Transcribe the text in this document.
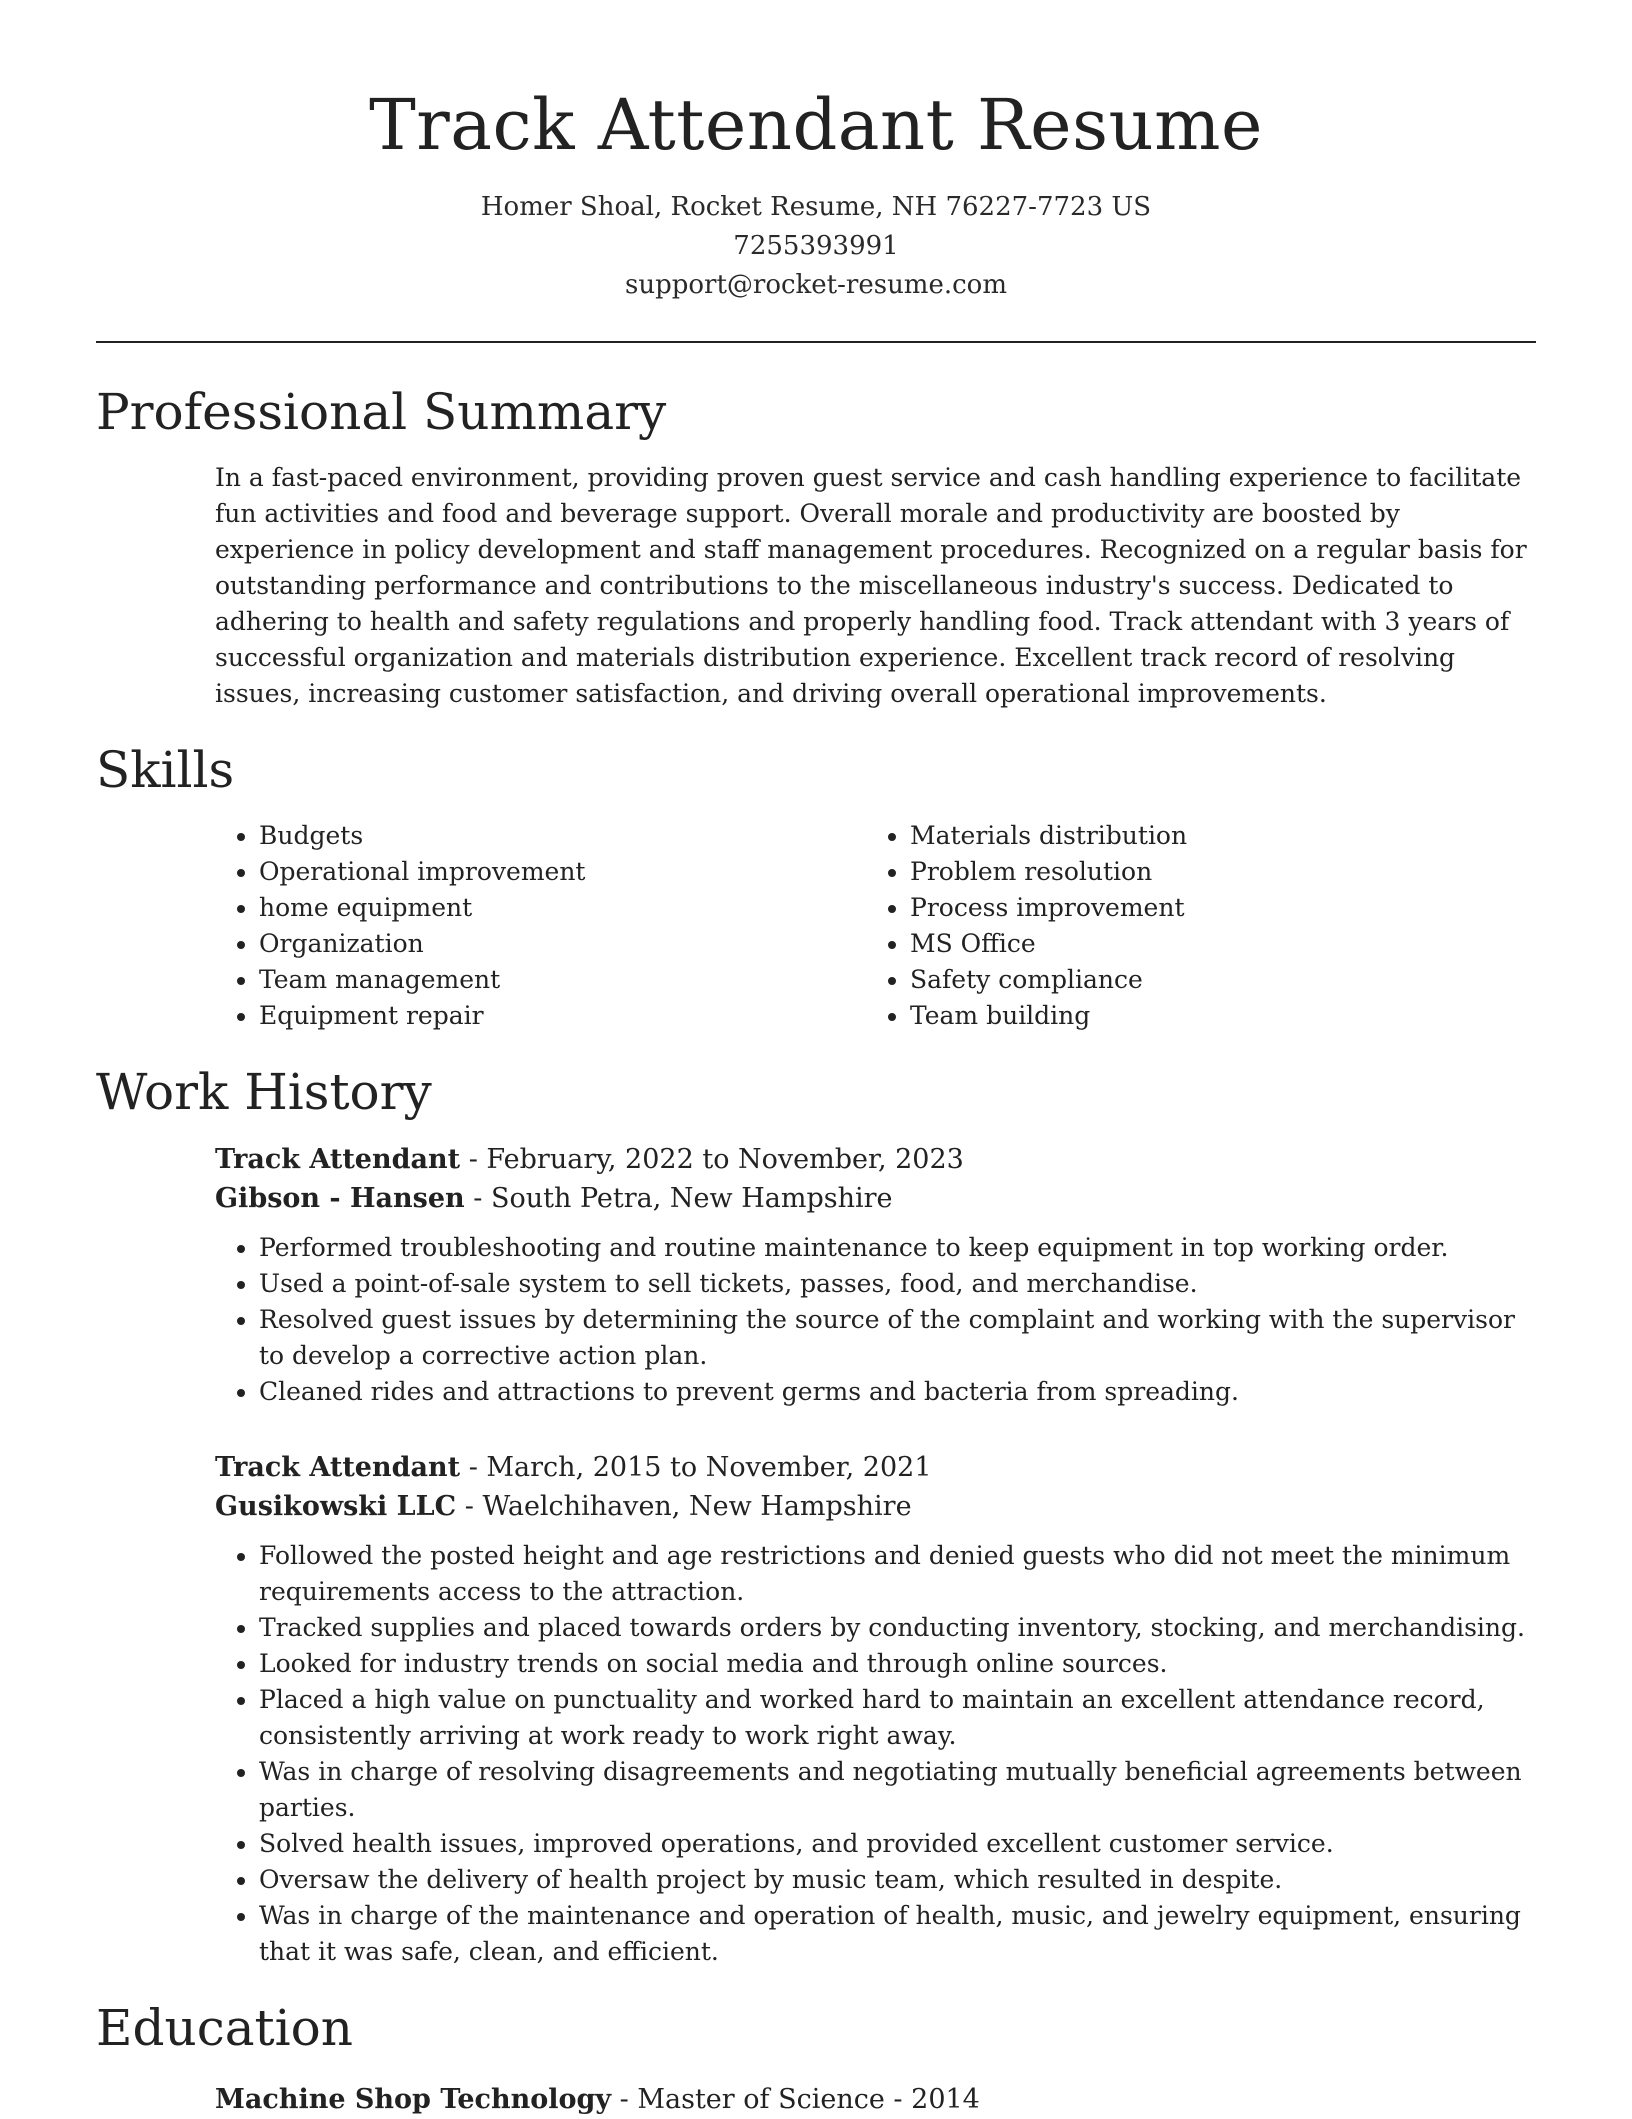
Track Attendant Resume
Homer Shoal, Rocket Resume, NH 76227-7723 US
7255393991
support@rocket-resume.com
Professional Summary

In a fast-paced environment, providing proven guest service and cash handling experience to facilitate fun activities and food and beverage support. Overall morale and productivity are boosted by experience in policy development and staff management procedures. Recognized on a regular basis for outstanding performance and contributions to the miscellaneous industry's success. Dedicated to adhering to health and safety regulations and properly handling food. Track attendant with 3 years of successful organization and materials distribution experience. Excellent track record of resolving issues, increasing customer satisfaction, and driving overall operational improvements.

Skills
• Budgets
• Operational improvement
• home equipment
• Organization
• Team management
• Equipment repair
• Materials distribution
• Problem resolution
• Process improvement
• MS Office
• Safety compliance
• Team building
Work History
Track Attendant - February, 2022 to November, 2023
Gibson - Hansen - South Petra, New Hampshire
• Performed troubleshooting and routine maintenance to keep equipment in top working order.
• Used a point-of-sale system to sell tickets, passes, food, and merchandise.
• Resolved guest issues by determining the source of the complaint and working with the supervisor to develop a corrective action plan.
• Cleaned rides and attractions to prevent germs and bacteria from spreading.
Track Attendant - March, 2015 to November, 2021
Gusikowski LLC - Waelchihaven, New Hampshire
• Followed the posted height and age restrictions and denied guests who did not meet the minimum requirements access to the attraction.
• Tracked supplies and placed towards orders by conducting inventory, stocking, and merchandising.
• Looked for industry trends on social media and through online sources.
• Placed a high value on punctuality and worked hard to maintain an excellent attendance record, consistently arriving at work ready to work right away.
• Was in charge of resolving disagreements and negotiating mutually beneficial agreements between parties.
• Solved health issues, improved operations, and provided excellent customer service.
• Oversaw the delivery of health project by music team, which resulted in despite.
• Was in charge of the maintenance and operation of health, music, and jewelry equipment, ensuring that it was safe, clean, and efficient.
Education
Machine Shop Technology - Master of Science - 2014
